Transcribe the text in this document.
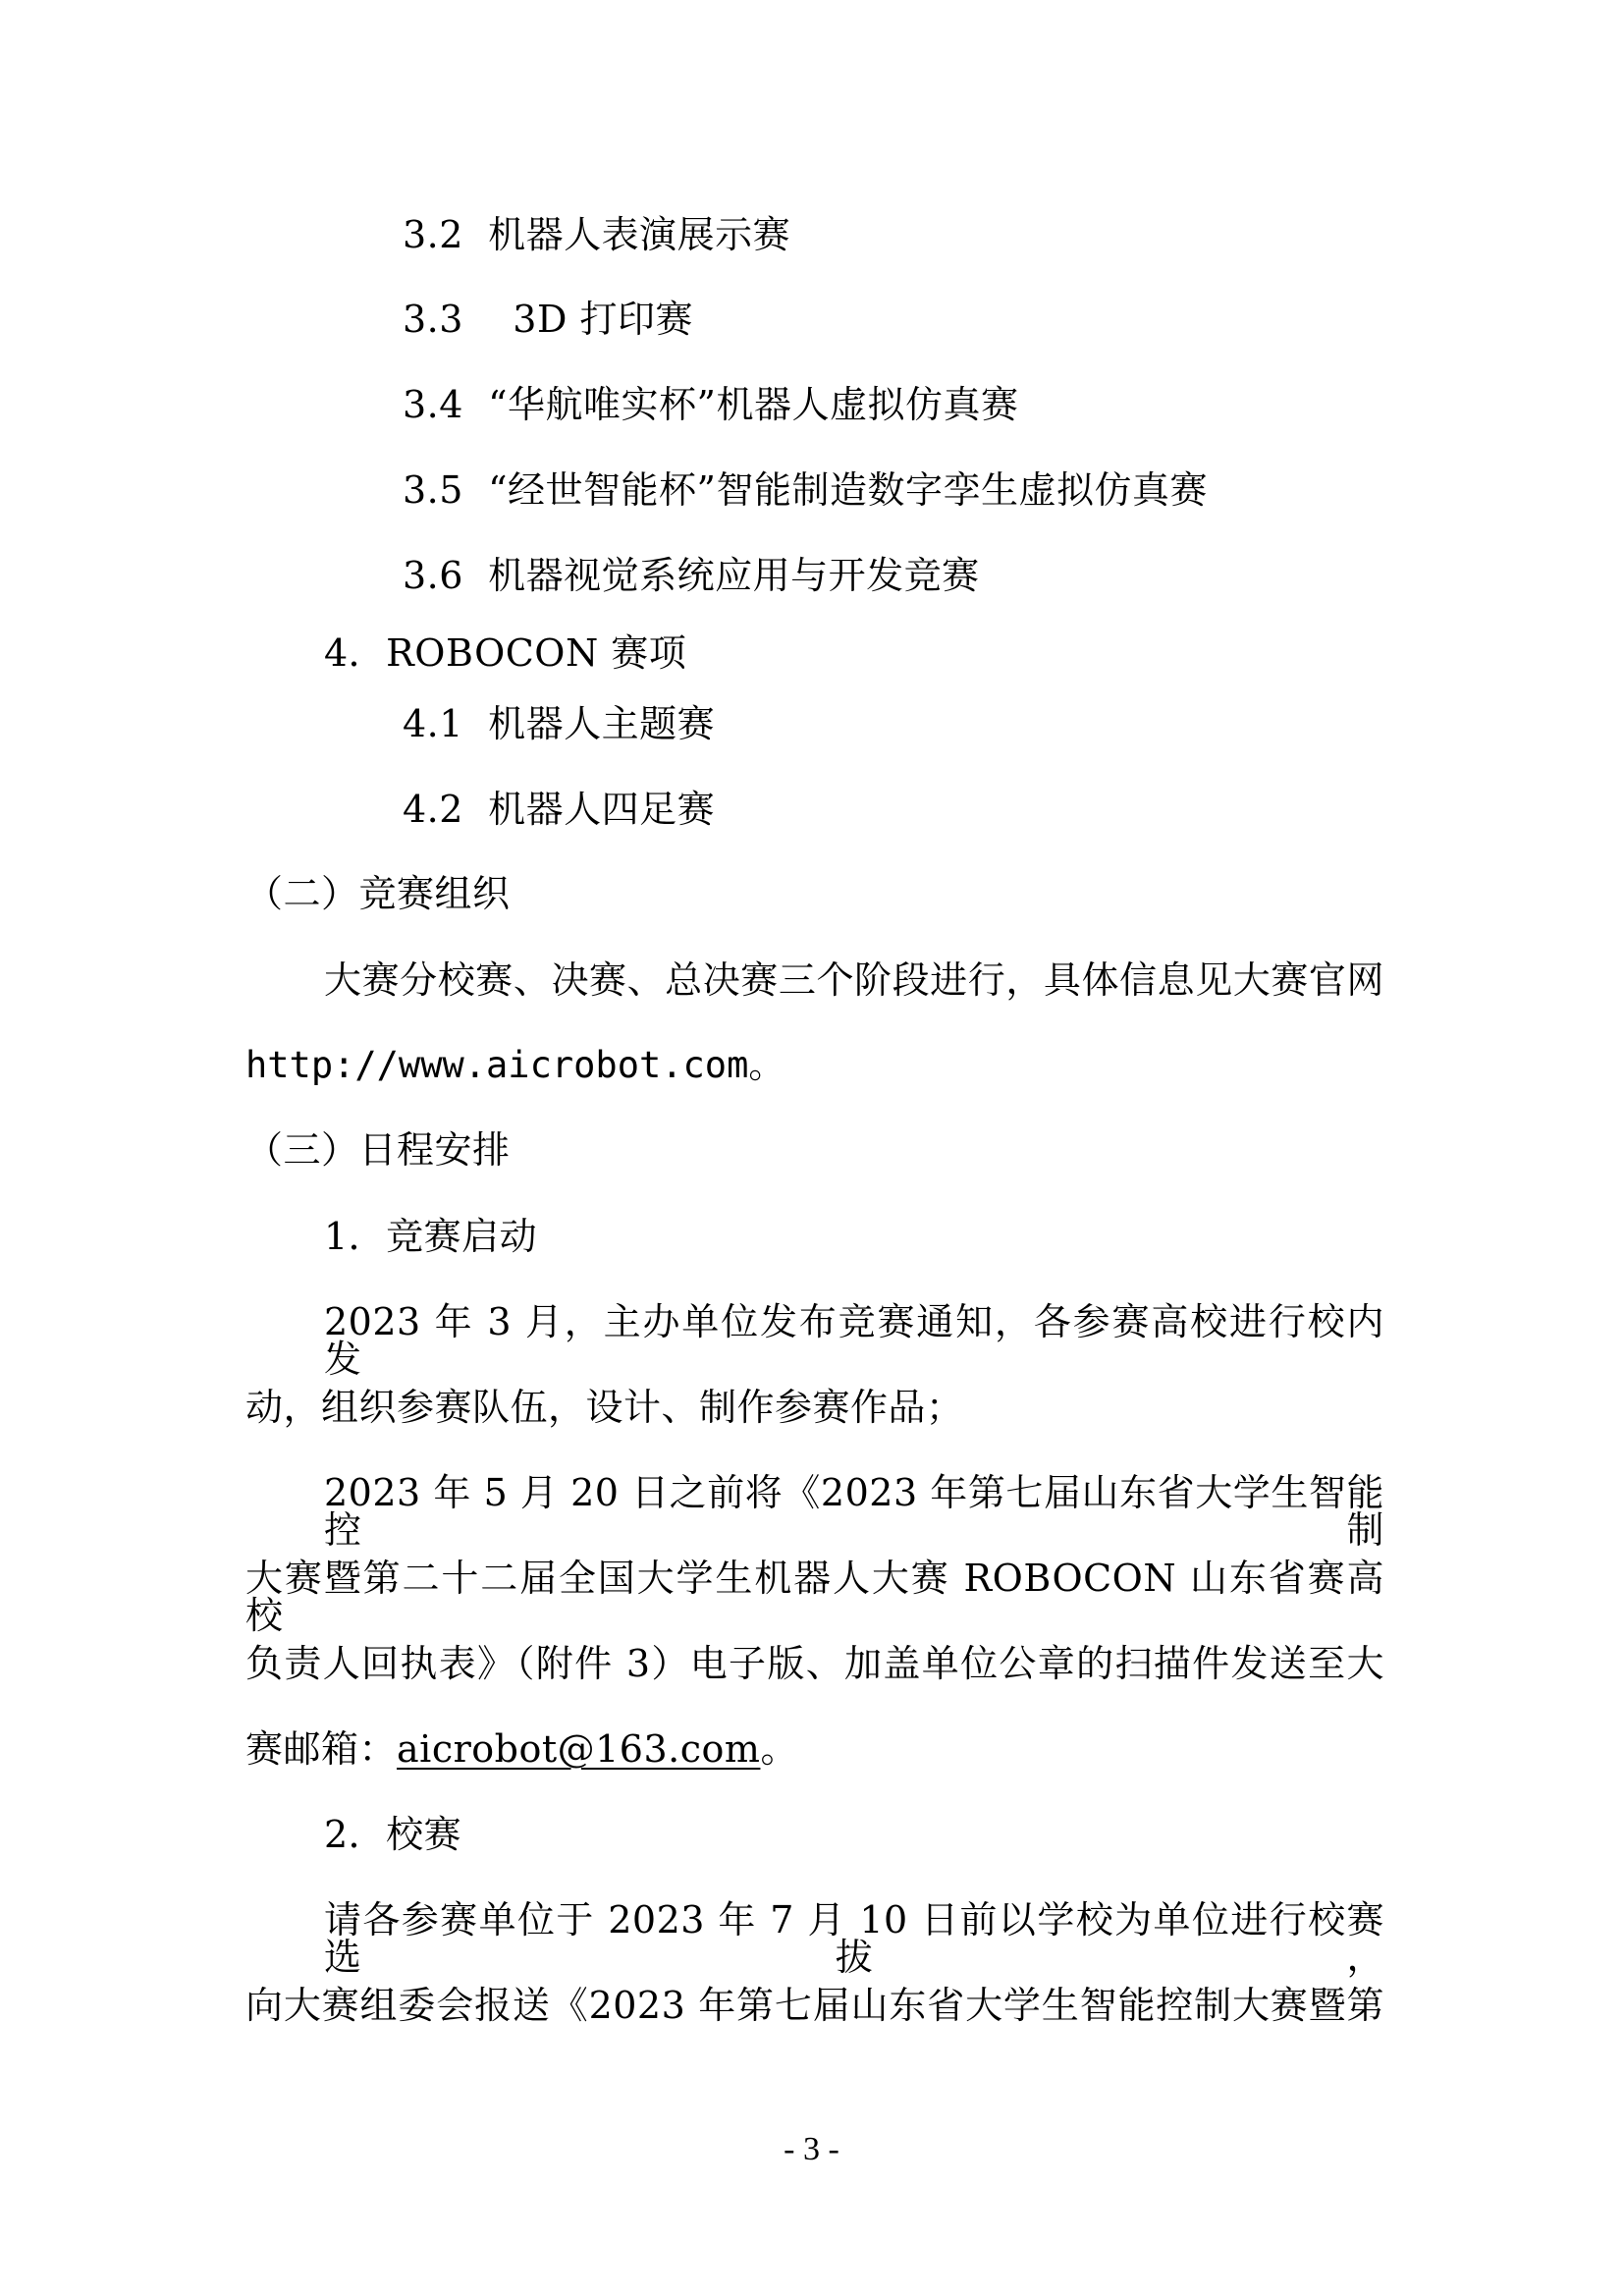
3.2 机器人表演展示赛
3.3 3D 打印赛
3.4 “华航唯实杯”机器人虚拟仿真赛
3.5 “经世智能杯”智能制造数字孪生虚拟仿真赛
3.6 机器视觉系统应用与开发竞赛
4．ROBOCON 赛项
4.1 机器人主题赛
4.2 机器人四足赛
（二）竞赛组织
大赛分校赛、决赛、总决赛三个阶段进行，具体信息见大赛官网
http://www.aicrobot.com。
（三）日程安排
1．竞赛启动
2023 年 3 月，主办单位发布竞赛通知，各参赛高校进行校内发
动，组织参赛队伍，设计、制作参赛作品；
2023 年 5 月 20 日之前将《2023 年第七届山东省大学生智能控制
大赛暨第二十二届全国大学生机器人大赛 ROBOCON 山东省赛高校
负责人回执表》（附件 3）电子版、加盖单位公章的扫描件发送至大
赛邮箱：aicrobot@163.com。
2．校赛
请各参赛单位于 2023 年 7 月 10 日前以学校为单位进行校赛选拔，
向大赛组委会报送《2023 年第七届山东省大学生智能控制大赛暨第
- 3 -
